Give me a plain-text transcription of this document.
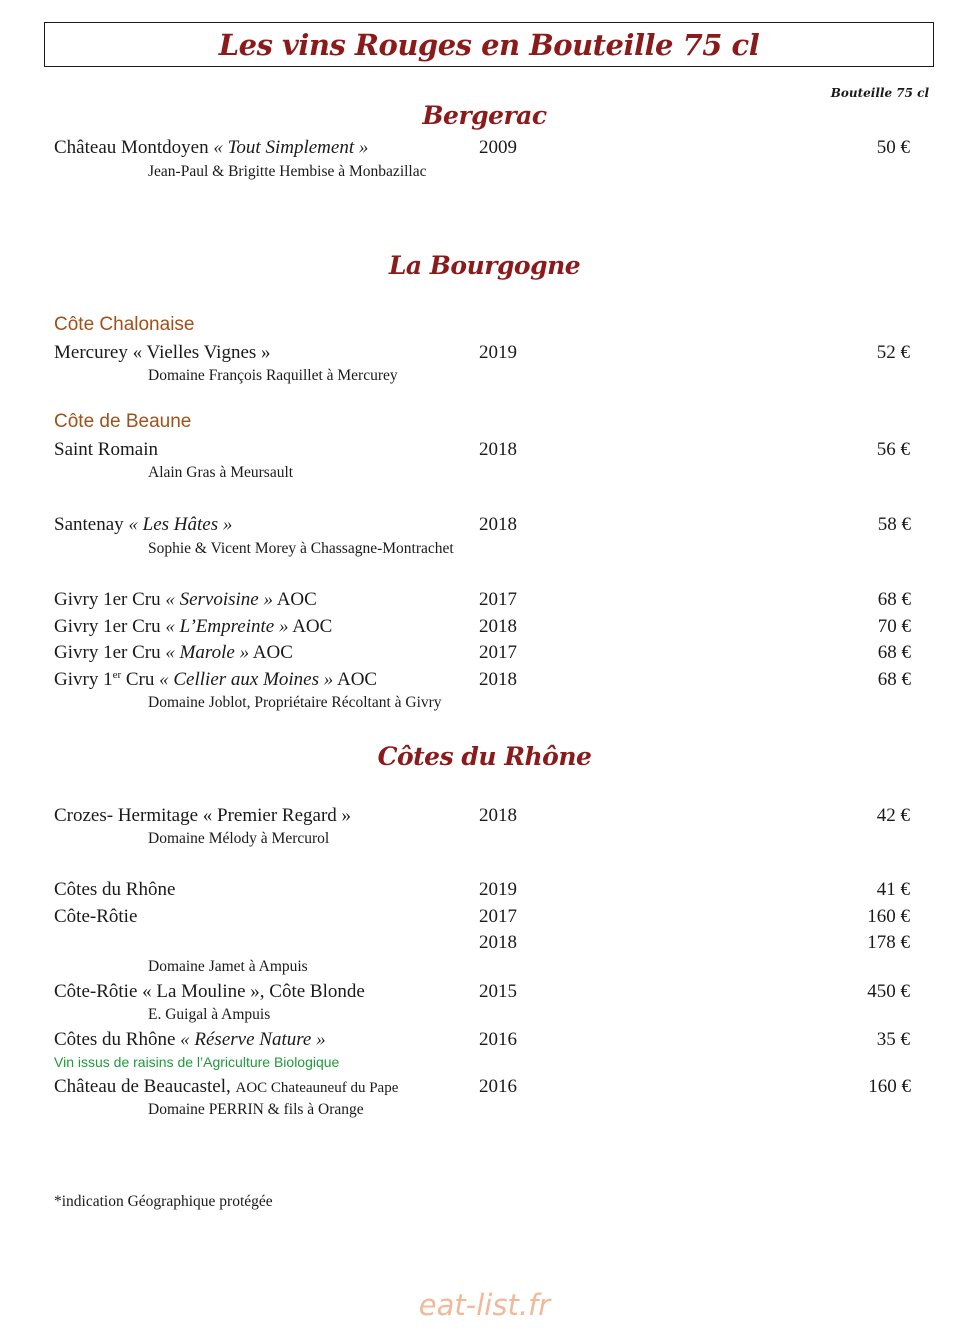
Les vins Rouges en Bouteille 75 cl
Bouteille 75 cl
Bergerac
Château Montdoyen « Tout Simplement »	2009	50 €
Jean-Paul & Brigitte Hembise à Monbazillac
La Bourgogne
Côte Chalonaise
Mercurey « Vielles Vignes »	2019	52 €
Domaine François Raquillet à Mercurey
Côte de Beaune
Saint Romain	2018	56 €
Alain Gras à Meursault
Santenay « Les Hâtes »	2018	58 €
Sophie & Vicent Morey à Chassagne-Montrachet
Givry 1er Cru « Servoisine » AOC	2017	68 €
Givry 1er Cru « L’Empreinte » AOC	2018	70 €
Givry 1er Cru « Marole » AOC	2017	68 €
Givry 1er Cru « Cellier aux Moines » AOC	2018	68 €
Domaine Joblot, Propriétaire Récoltant à Givry
Côtes du Rhône
Crozes- Hermitage « Premier Regard »	2018	42 €
Domaine Mélody à Mercurol
Côtes du Rhône	2019	41 €
Côte-Rôtie	2017	160 €
2018	178 €
Domaine Jamet à Ampuis
Côte-Rôtie « La Mouline », Côte Blonde	2015	450 €
E. Guigal à Ampuis
Côtes du Rhône « Réserve Nature »	2016	35 €
Vin issus de raisins de l’Agriculture Biologique
Château de Beaucastel, AOC Chateauneuf du Pape	2016	160 €
Domaine PERRIN & fils à Orange
*indication Géographique protégée
eat-list.fr
